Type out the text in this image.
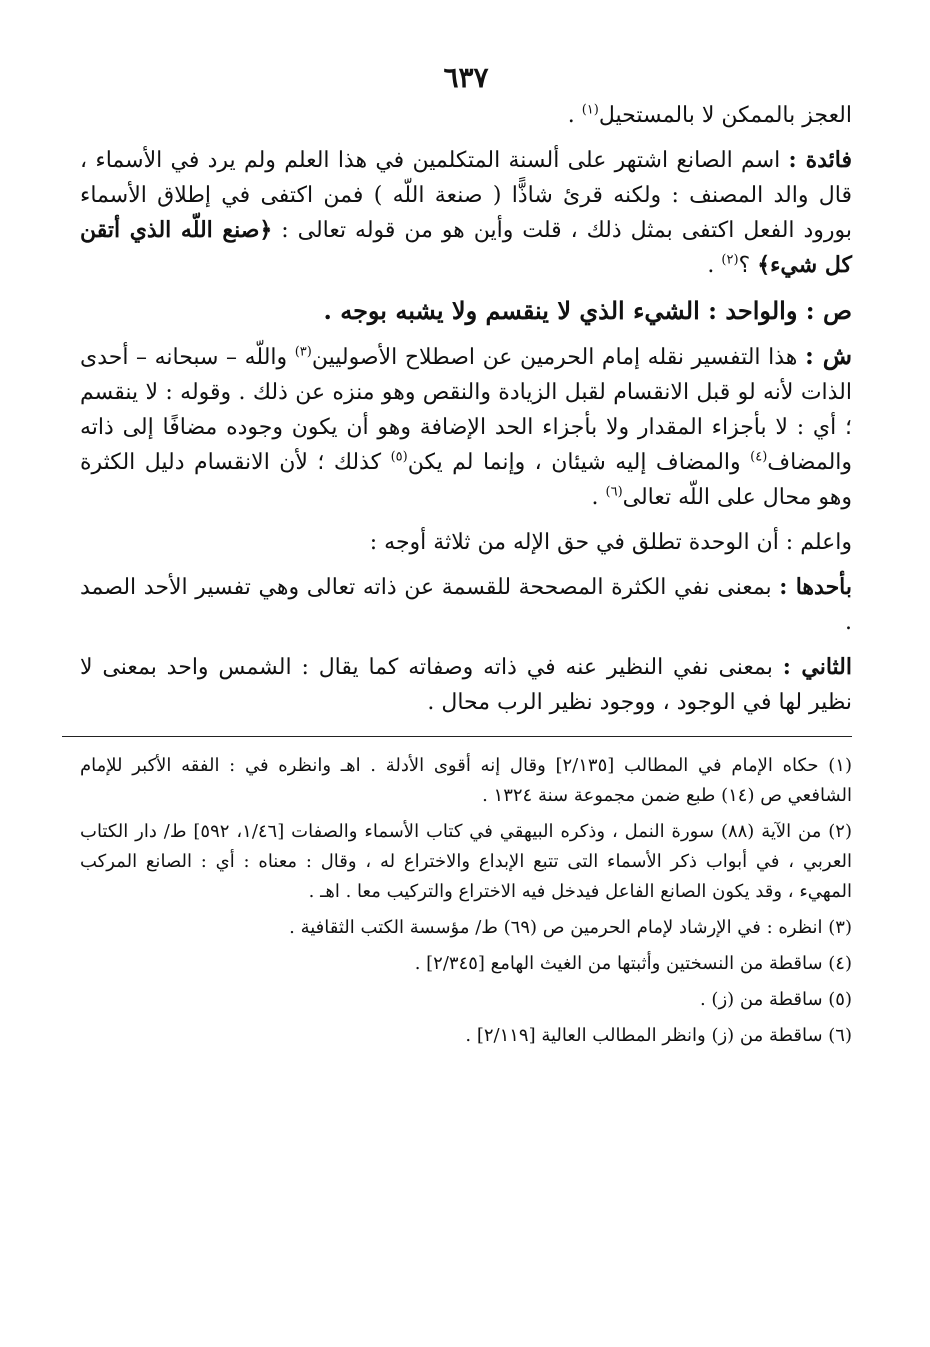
٦٣٧

العجز بالممكن لا بالمستحيل$^{(١)}$ .

فائدة : اسم الصانع اشتهر على ألسنة المتكلمين في هذا العلم ولم يرد في الأسماء ، قال والد المصنف : ولكنه قرئ شاذًّا ( صنعة اللّه ) فمن اكتفى في إطلاق الأسماء بورود الفعل اكتفى بمثل ذلك ، قلت وأين هو من قوله تعالى : ﴿صنع اللّه الذي أتقن كل شيء﴾ ؟$^{(٢)}$ .

ص : والواحد : الشيء الذي لا ينقسم ولا يشبه بوجه .

ش : هذا التفسير نقله إمام الحرمين عن اصطلاح الأصوليين$^{(٣)}$ واللّه – سبحانه – أحدى الذات لأنه لو قبل الانقسام لقبل الزيادة والنقص وهو منزه عن ذلك . وقوله : لا ينقسم ؛ أي : لا بأجزاء المقدار ولا بأجزاء الحد الإضافة وهو أن يكون وجوده مضافًا إلى ذاته والمضاف$^{(٤)}$ والمضاف إليه شيئان ، وإنما لم يكن$^{(٥)}$ كذلك ؛ لأن الانقسام دليل الكثرة وهو محال على اللّه تعالى$^{(٦)}$ .

واعلم : أن الوحدة تطلق في حق الإله من ثلاثة أوجه :

بأحدها : بمعنى نفي الكثرة المصححة للقسمة عن ذاته تعالى وهي تفسير الأحد الصمد .

الثاني : بمعنى نفي النظير عنه في ذاته وصفاته كما يقال : الشمس واحد بمعنى لا نظير لها في الوجود ، ووجود نظير الرب محال .

(١) حكاه الإمام في المطالب [٢/١٣٥] وقال إنه أقوى الأدلة . اهـ وانظره في : الفقه الأكبر للإمام الشافعي ص (١٤) طبع ضمن مجموعة سنة ١٣٢٤ .

(٢) من الآية (٨٨) سورة النمل ، وذكره البيهقي في كتاب الأسماء والصفات [١/٤٦، ٥٩٢] ط/ دار الكتاب العربي ، في أبواب ذكر الأسماء التى تتبع الإبداع والاختراع له ، وقال : معناه : أي : الصانع المركب المهيء ، وقد يكون الصانع الفاعل فيدخل فيه الاختراع والتركيب معا . اهـ .

(٣) انظره : في الإرشاد لإمام الحرمين ص (٦٩) ط/ مؤسسة الكتب الثقافية .

(٤) ساقطة من النسختين وأثبتها من الغيث الهامع [٢/٣٤٥] .

(٥) ساقطة من (ز) .

(٦) ساقطة من (ز) وانظر المطالب العالية [٢/١١٩] .
